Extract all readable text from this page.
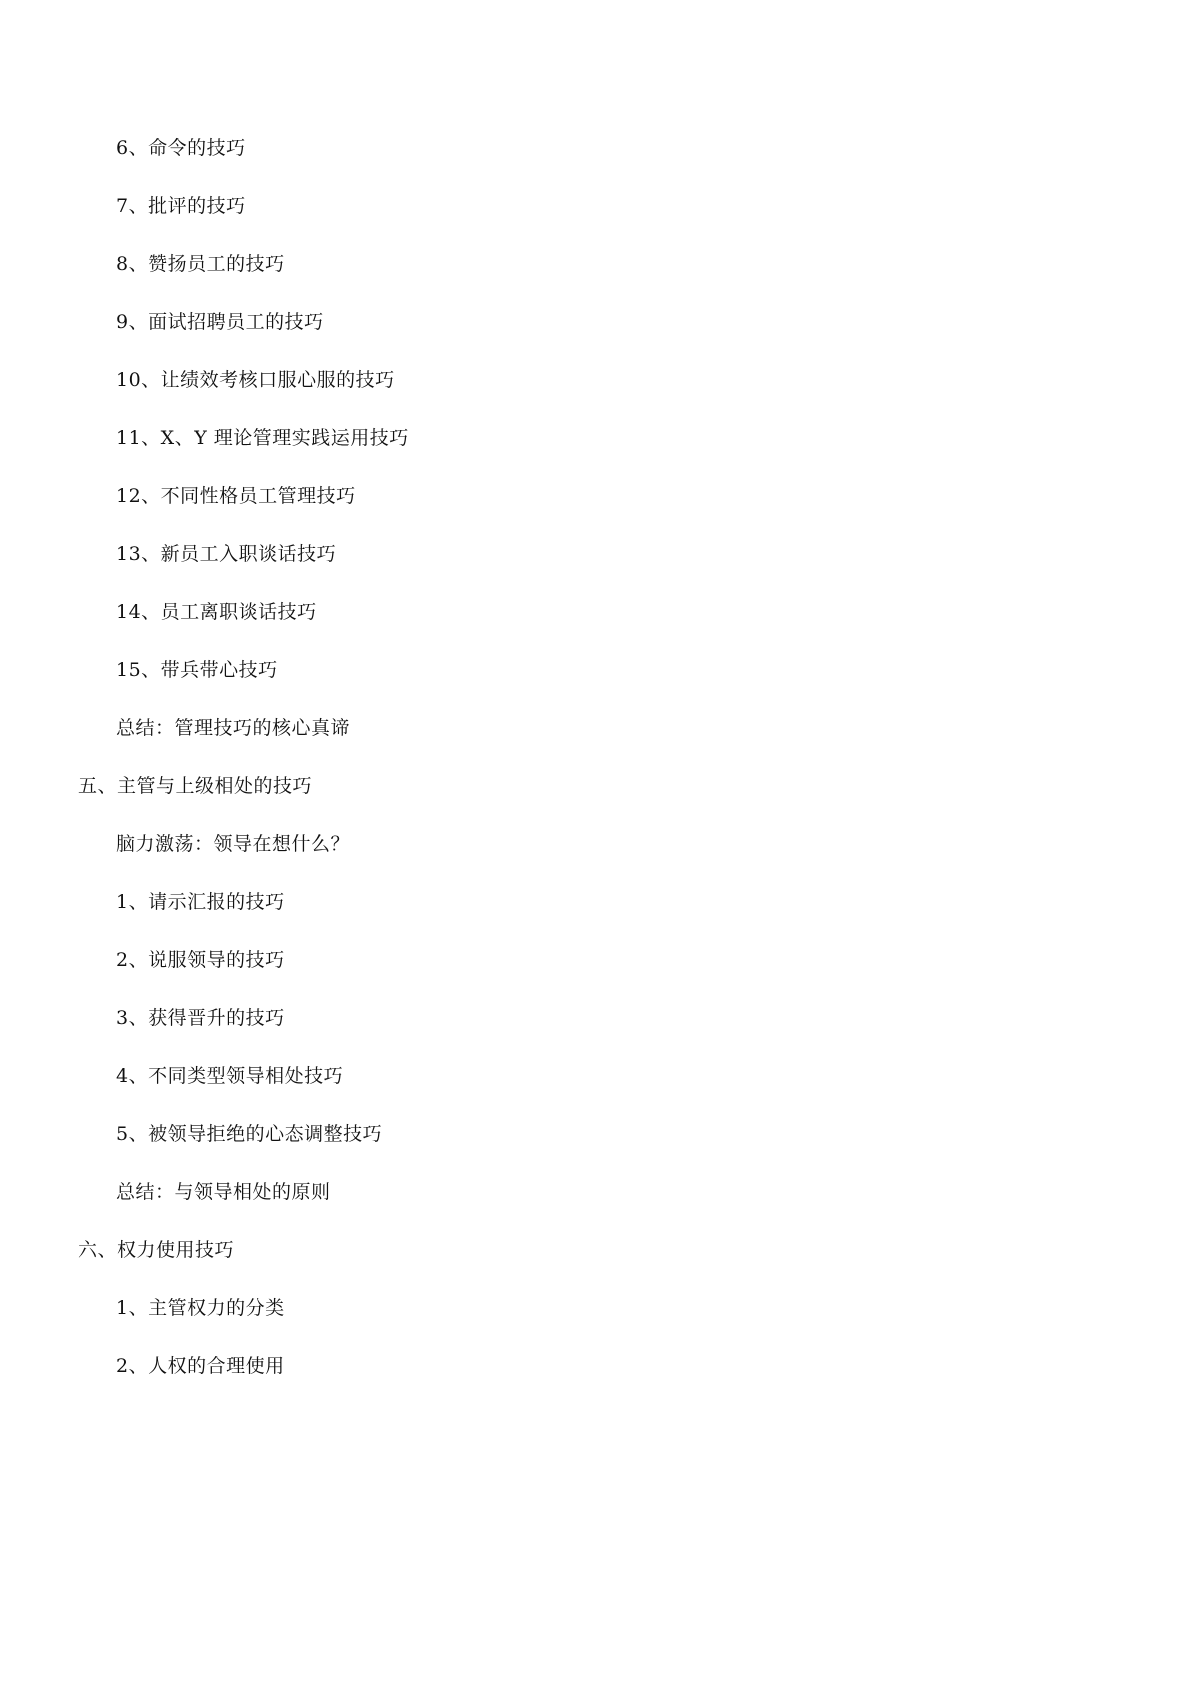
6、命令的技巧
7、批评的技巧
8、赞扬员工的技巧
9、面试招聘员工的技巧
10、让绩效考核口服心服的技巧
11、X、Y 理论管理实践运用技巧
12、不同性格员工管理技巧
13、新员工入职谈话技巧
14、员工离职谈话技巧
15、带兵带心技巧
总结：管理技巧的核心真谛
五、主管与上级相处的技巧
脑力激荡：领导在想什么？
1、请示汇报的技巧
2、说服领导的技巧
3、获得晋升的技巧
4、不同类型领导相处技巧
5、被领导拒绝的心态调整技巧
总结：与领导相处的原则
六、权力使用技巧
1、主管权力的分类
2、人权的合理使用
